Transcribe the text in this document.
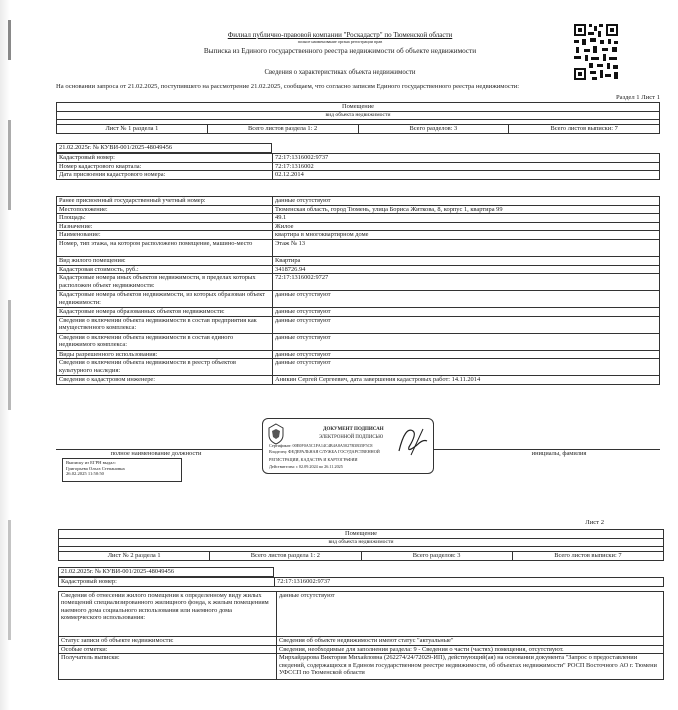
Филиал публично-правовой компании "Роскадастр" по Тюменской области
полное наименование органа регистрации прав
Выписка из Единого государственного реестра недвижимости об объекте недвижимости
Сведения о характеристиках объекта недвижимости
На основании запроса от 21.02.2025, поступившего на рассмотрение 21.02.2025, сообщаем, что согласно записям Единого государственного реестра недвижимости:
Раздел 1 Лист 1
Помещение
вид объекта недвижимости

Лист № 1 раздела 1	Всего листов раздела 1: 2	Всего разделов: 3	Всего листов выписки: 7
21.02.2025г. № КУВИ-001/2025-48049456
Кадастровый номер:	72:17:1316002:9737
Номер кадастрового квартала:	72:17:1316002
Дата присвоения кадастрового номера:	02.12.2014
Ранее присвоенный государственный учетный номер:	данные отсутствуют
Местоположение:	Тюменская область, город Тюмень, улица Бориса Житкова, 8, корпус 1, квартира 99
Площадь:	49.1
Назначение:	Жилое
Наименование:	квартира в многоквартирном доме
Номер, тип этажа, на котором расположено помещение, машино-место	Этаж № 13
Вид жилого помещения:	Квартира
Кадастровая стоимость, руб.:	3418726.94
Кадастровые номера иных объектов недвижимости, в пределах которых расположен объект недвижимости:	72:17:1316002:9727
Кадастровые номера объектов недвижимости, из которых образован объект недвижимости:	данные отсутствуют
Кадастровые номера образованных объектов недвижимости:	данные отсутствуют
Сведения о включении объекта недвижимости в состав предприятия как имущественного комплекса:	данные отсутствуют
Сведения о включении объекта недвижимости в состав единого недвижимого комплекса:	данные отсутствуют
Виды разрешенного использования:	данные отсутствуют
Сведения о включении объекта недвижимости в реестр объектов культурного наследия:	данные отсутствуют
Сведения о кадастровом инженере:	Аникин Сергей Сергеевич, дата завершения кадастровых работ: 14.11.2014

полное наименование должности		инициалы, фамилия
Выписку из ЕГРН выдал:
Григорьева Ольга Степановна
26.02.2025 11:50:50
ДОКУМЕНТ ПОДПИСАН
ЭЛЕКТРОННОЙ ПОДПИСЬЮ
Сертификат: 00E0F0A5C1FA14C4B4A8A5027B3B35F5C8
Владелец: ФЕДЕРАЛЬНАЯ СЛУЖБА ГОСУДАРСТВЕННОЙ
РЕГИСТРАЦИИ, КАДАСТРА И КАРТОГРАФИИ
Действителен: с 02.09.2024 по 26.11.2025
Лист 2
Помещение
вид объекта недвижимости

Лист № 2 раздела 1	Всего листов раздела 1: 2	Всего разделов: 3	Всего листов выписки: 7
21.02.2025г. № КУВИ-001/2025-48049456
Кадастровый номер:	72:17:1316002:9737
Сведения об отнесении жилого помещения к определенному виду жилых помещений специализированного жилищного фонда, к жилым помещениям наемного дома социального использования или наемного дома коммерческого использования:	данные отсутствуют
Статус записи об объекте недвижимости:	Сведения об объекте недвижимости имеют статус "актуальные"
Особые отметки:	Сведения, необходимые для заполнения раздела: 9 - Сведения о части (частях) помещения, отсутствуют.
Получатель выписки:	Мирхайдарова Виктория Михайловна (262274/24/72029-ИП), действующий(ая) на основании документа "Запрос о предоставлении сведений, содержащихся в Едином государственном реестре недвижимости, об объектах недвижимости" РОСП Восточного АО г. Тюмени УФССП по Тюменской области
